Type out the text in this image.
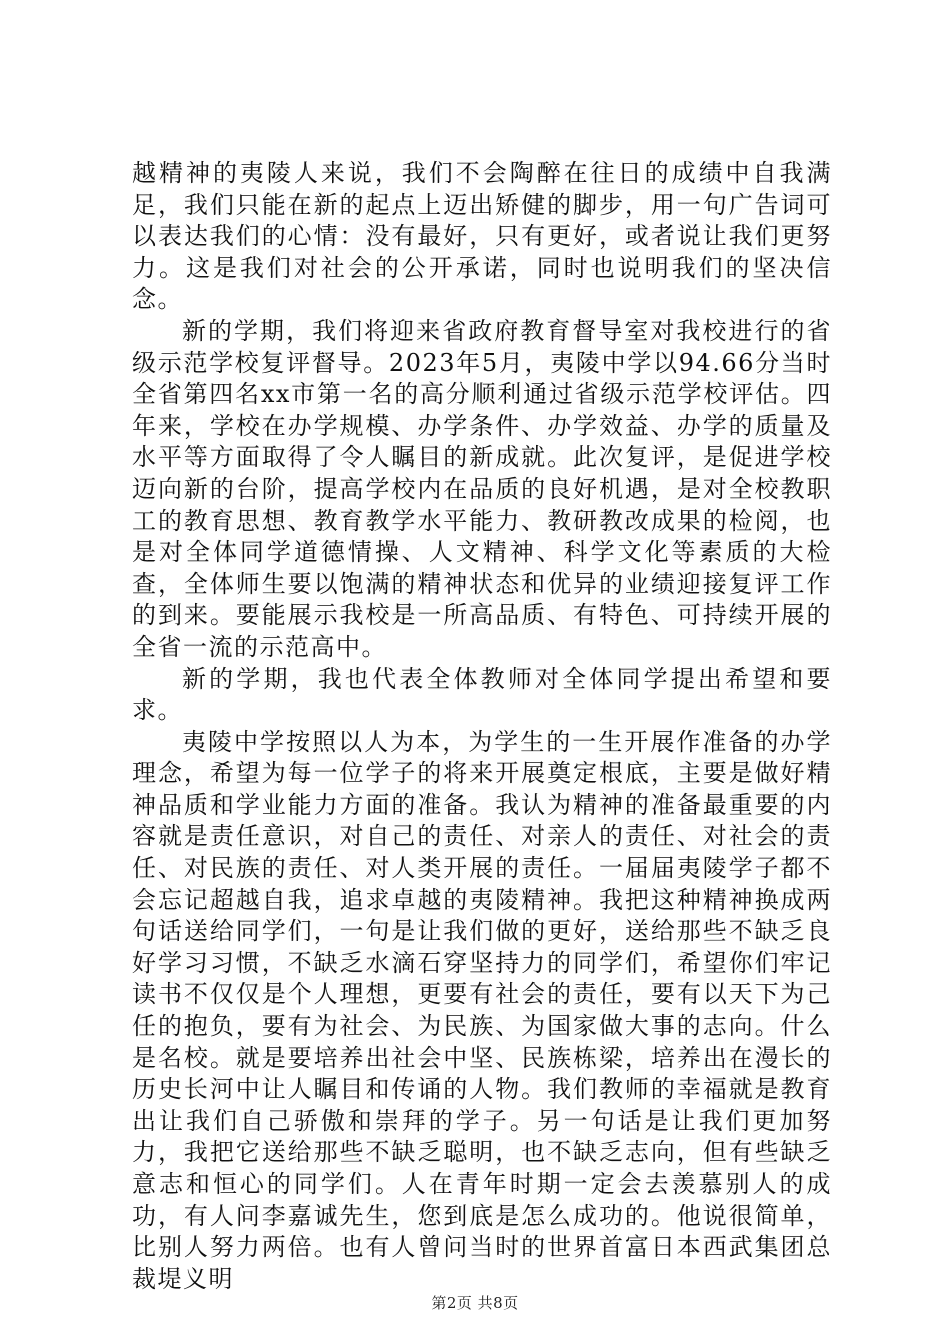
越精神的夷陵人来说，我们不会陶醉在往日的成绩中自我满足，我们只能在新的起点上迈出矫健的脚步，用一句广告词可以表达我们的心情：没有最好，只有更好，或者说让我们更努力。这是我们对社会的公开承诺，同时也说明我们的坚决信念。

新的学期，我们将迎来省政府教育督导室对我校进行的省级示范学校复评督导。2023年5月，夷陵中学以94.66分当时全省第四名xx市第一名的高分顺利通过省级示范学校评估。四年来，学校在办学规模、办学条件、办学效益、办学的质量及水平等方面取得了令人瞩目的新成就。此次复评，是促进学校迈向新的台阶，提高学校内在品质的良好机遇，是对全校教职工的教育思想、教育教学水平能力、教研教改成果的检阅，也是对全体同学道德情操、人文精神、科学文化等素质的大检查，全体师生要以饱满的精神状态和优异的业绩迎接复评工作的到来。要能展示我校是一所高品质、有特色、可持续开展的全省一流的示范高中。

新的学期，我也代表全体教师对全体同学提出希望和要求。

夷陵中学按照以人为本，为学生的一生开展作准备的办学理念，希望为每一位学子的将来开展奠定根底，主要是做好精神品质和学业能力方面的准备。我认为精神的准备最重要的内容就是责任意识，对自己的责任、对亲人的责任、对社会的责任、对民族的责任、对人类开展的责任。一届届夷陵学子都不会忘记超越自我，追求卓越的夷陵精神。我把这种精神换成两句话送给同学们，一句是让我们做的更好，送给那些不缺乏良好学习习惯，不缺乏水滴石穿坚持力的同学们，希望你们牢记读书不仅仅是个人理想，更要有社会的责任，要有以天下为己任的抱负，要有为社会、为民族、为国家做大事的志向。什么是名校。就是要培养出社会中坚、民族栋梁，培养出在漫长的历史长河中让人瞩目和传诵的人物。我们教师的幸福就是教育出让我们自己骄傲和崇拜的学子。另一句话是让我们更加努力，我把它送给那些不缺乏聪明，也不缺乏志向，但有些缺乏意志和恒心的同学们。人在青年时期一定会去羡慕别人的成功，有人问李嘉诚先生，您到底是怎么成功的。他说很简单，比别人努力两倍。也有人曾问当时的世界首富日本西武集团总裁堤义明

第2页 共8页
